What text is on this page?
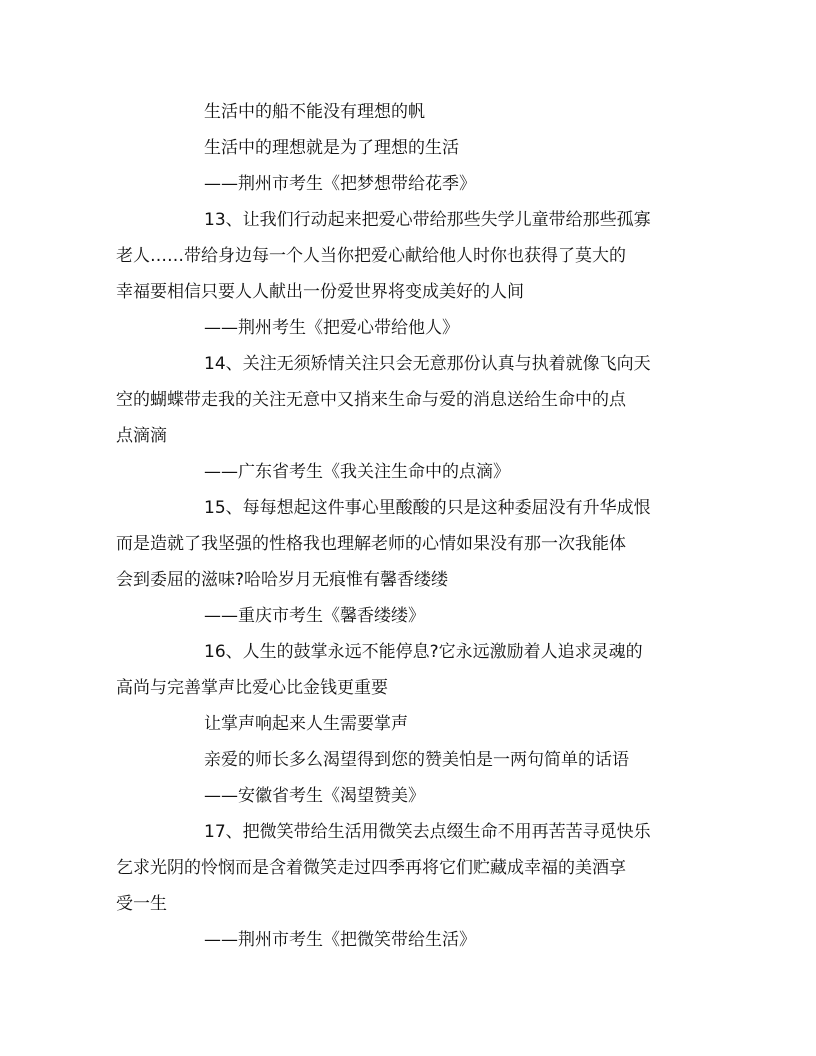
生活中的船不能没有理想的帆
生活中的理想就是为了理想的生活
——荆州市考生《把梦想带给花季》
13、让我们行动起来把爱心带给那些失学儿童带给那些孤寡
老人……带给身边每一个人当你把爱心献给他人时你也获得了莫大的
幸福要相信只要人人献出一份爱世界将变成美好的人间
——荆州考生《把爱心带给他人》
14、关注无须矫情关注只会无意那份认真与执着就像飞向天
空的蝴蝶带走我的关注无意中又捎来生命与爱的消息送给生命中的点
点滴滴
——广东省考生《我关注生命中的点滴》
15、每每想起这件事心里酸酸的只是这种委屈没有升华成恨
而是造就了我坚强的性格我也理解老师的心情如果没有那一次我能体
会到委屈的滋味?哈哈岁月无痕惟有馨香缕缕
——重庆市考生《馨香缕缕》
16、人生的鼓掌永远不能停息?它永远激励着人追求灵魂的
高尚与完善掌声比爱心比金钱更重要
让掌声响起来人生需要掌声
亲爱的师长多么渴望得到您的赞美怕是一两句简单的话语
——安徽省考生《渴望赞美》
17、把微笑带给生活用微笑去点缀生命不用再苦苦寻觅快乐
乞求光阴的怜悯而是含着微笑走过四季再将它们贮藏成幸福的美酒享
受一生
——荆州市考生《把微笑带给生活》
